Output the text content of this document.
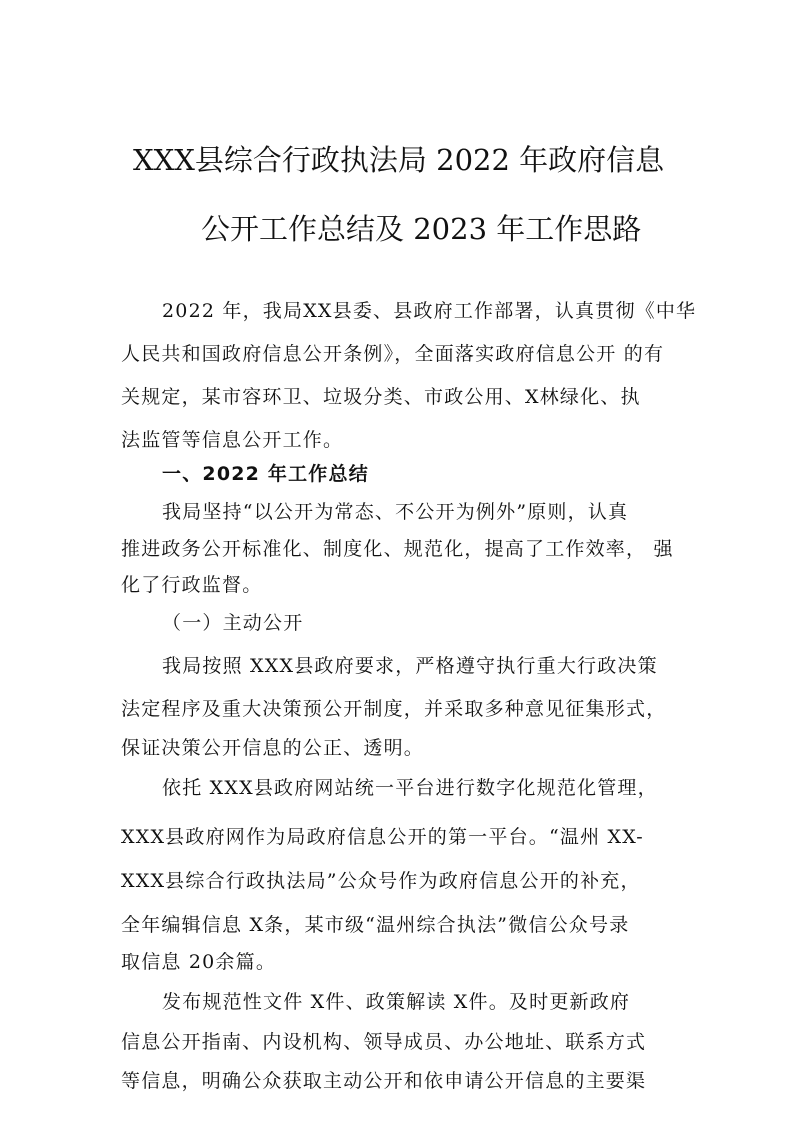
XXX县综合行政执法局 2022 年政府信息
公开工作总结及 2023 年工作思路
2022 年，我局XX县委、县政府工作部署，认真贯彻《中华
人民共和国政府信息公开条例》，全面落实政府信息公开 的有
关规定，某市容环卫、垃圾分类、市政公用、X林绿化、执
法监管等信息公开工作。
一、2022 年工作总结
我局坚持“以公开为常态、不公开为例外”原则，认真
推进政务公开标准化、制度化、规范化，提高了工作效率， 强
化了行政监督。
（一）主动公开
我局按照 XXX县政府要求，严格遵守执行重大行政决策
法定程序及重大决策预公开制度，并采取多种意见征集形式，
保证决策公开信息的公正、透明。
依托 XXX县政府网站统一平台进行数字化规范化管理，
XXX县政府网作为局政府信息公开的第一平台。“温州 XX-
XXX县综合行政执法局”公众号作为政府信息公开的补充，
全年编辑信息 X条，某市级“温州综合执法”微信公众号录
取信息 20余篇。
发布规范性文件 X件、政策解读 X件。及时更新政府
信息公开指南、内设机构、领导成员、办公地址、联系方式
等信息，明确公众获取主动公开和依申请公开信息的主要渠
